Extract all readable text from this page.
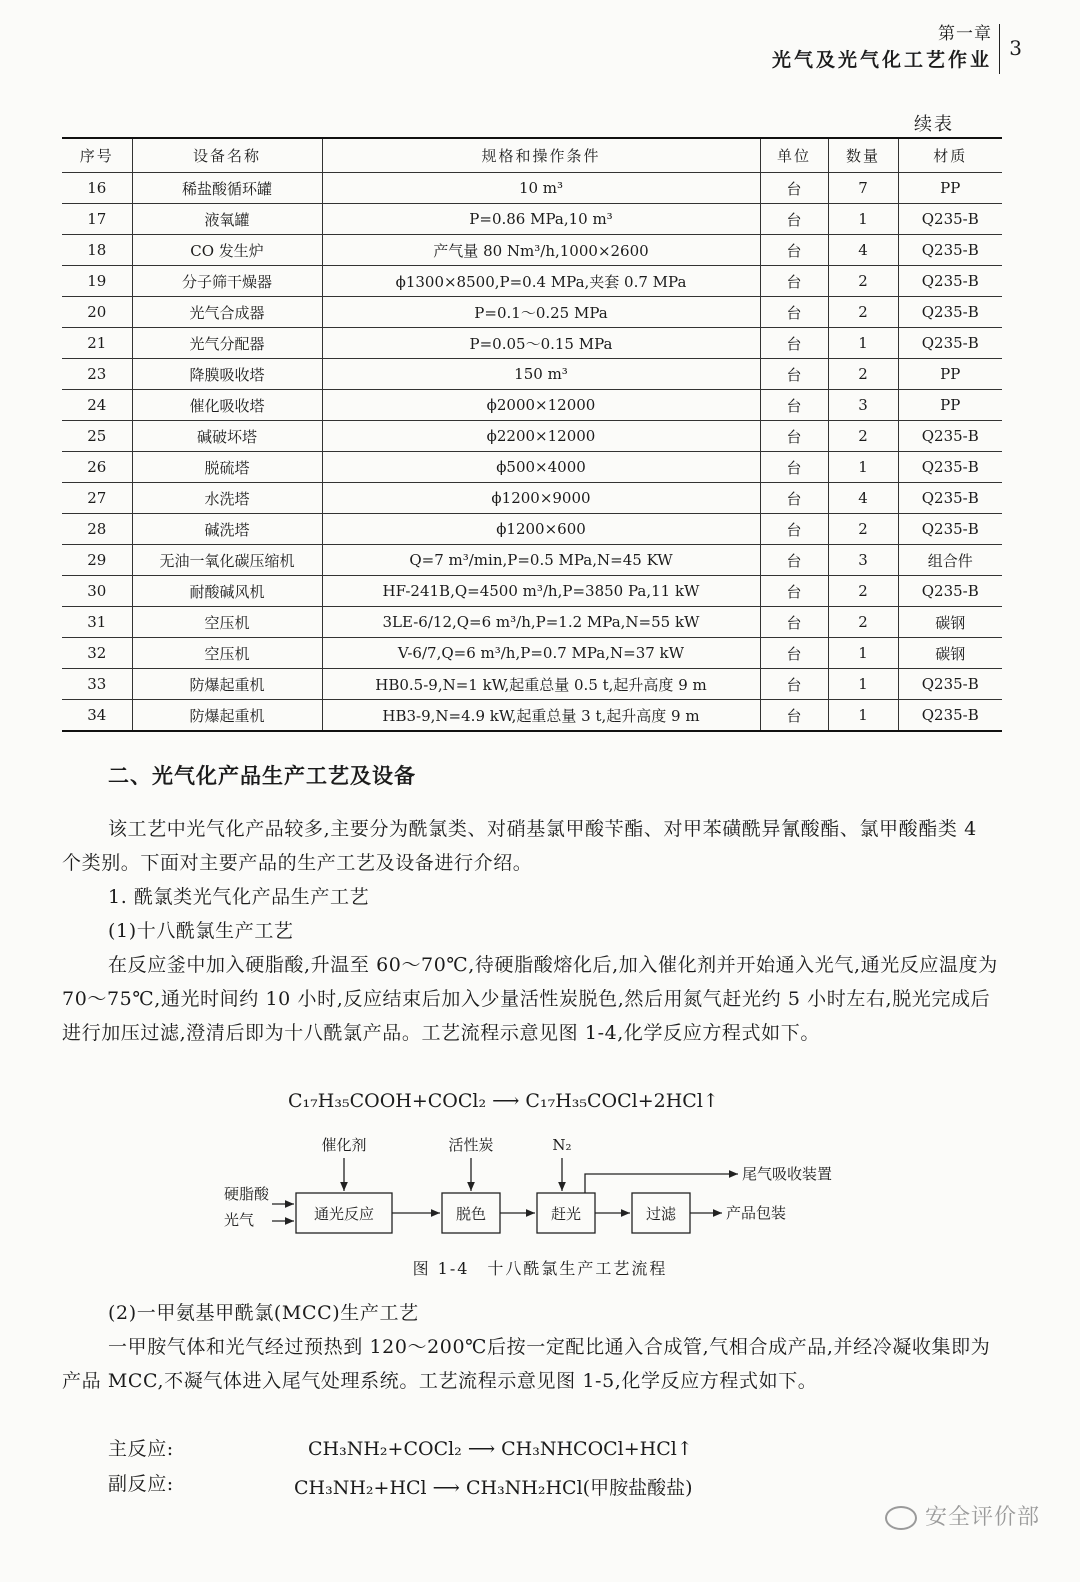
第一章
光气及光气化工艺作业 3
续表
序号	设备名称	规格和操作条件	单位	数量	材质
16	稀盐酸循环罐	10 m³	台	7	PP
17	液氧罐	P=0.86 MPa,10 m³	台	1	Q235-B
18	CO 发生炉	产气量 80 Nm³/h,1000×2600	台	4	Q235-B
19	分子筛干燥器	ϕ1300×8500,P=0.4 MPa,夹套 0.7 MPa	台	2	Q235-B
20	光气合成器	P=0.1～0.25 MPa	台	2	Q235-B
21	光气分配器	P=0.05～0.15 MPa	台	1	Q235-B
23	降膜吸收塔	150 m³	台	2	PP
24	催化吸收塔	ϕ2000×12000	台	3	PP
25	碱破坏塔	ϕ2200×12000	台	2	Q235-B
26	脱硫塔	ϕ500×4000	台	1	Q235-B
27	水洗塔	ϕ1200×9000	台	4	Q235-B
28	碱洗塔	ϕ1200×600	台	2	Q235-B
29	无油一氧化碳压缩机	Q=7 m³/min,P=0.5 MPa,N=45 KW	台	3	组合件
30	耐酸碱风机	HF-241B,Q=4500 m³/h,P=3850 Pa,11 kW	台	2	Q235-B
31	空压机	3LE-6/12,Q=6 m³/h,P=1.2 MPa,N=55 kW	台	2	碳钢
32	空压机	V-6/7,Q=6 m³/h,P=0.7 MPa,N=37 kW	台	1	碳钢
33	防爆起重机	HB0.5-9,N=1 kW,起重总量 0.5 t,起升高度 9 m	台	1	Q235-B
34	防爆起重机	HB3-9,N=4.9 kW,起重总量 3 t,起升高度 9 m	台	1	Q235-B
二、光气化产品生产工艺及设备
该工艺中光气化产品较多,主要分为酰氯类、对硝基氯甲酸苄酯、对甲苯磺酰异氰酸酯、氯甲酸酯类 4 个类别。下面对主要产品的生产工艺及设备进行介绍。
1. 酰氯类光气化产品生产工艺
(1)十八酰氯生产工艺
在反应釜中加入硬脂酸,升温至 60～70℃,待硬脂酸熔化后,加入催化剂并开始通入光气,通光反应温度为 70～75℃,通光时间约 10 小时,反应结束后加入少量活性炭脱色,然后用氮气赶光约 5 小时左右,脱光完成后进行加压过滤,澄清后即为十八酰氯产品。工艺流程示意见图 1-4,化学反应方程式如下。
C₁₇H₃₅COOH+COCl₂ ⟶ C₁₇H₃₅COCl+2HCl↑
通光反应	脱色	赶光	过滤
催化剂	活性炭	N₂
硬脂酸
光气
尾气吸收装置
产品包装
图 1-4　十八酰氯生产工艺流程
(2)一甲氨基甲酰氯(MCC)生产工艺
一甲胺气体和光气经过预热到 120～200℃后按一定配比通入合成管,气相合成产品,并经冷凝收集即为产品 MCC,不凝气体进入尾气处理系统。工艺流程示意见图 1-5,化学反应方程式如下。
主反应:	CH₃NH₂+COCl₂ ⟶ CH₃NHCOCl+HCl↑
副反应:	CH₃NH₂+HCl ⟶ CH₃NH₂HCl(甲胺盐酸盐)
安全评价部
